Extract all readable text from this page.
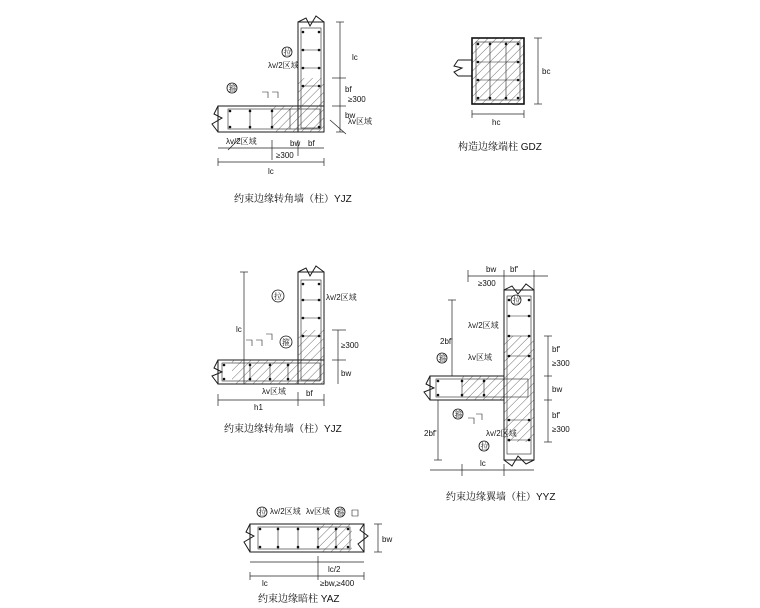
拉
箍
λv/2区域
λv/2区域
λv区域
lc
bf
bw
≥300
bw bf
≥300
lc
约束边缘转角墙（柱）YJZ
hc
bc
构造边缘端柱 GDZ
拉
箍
λv/2区域
λv区域
lc
≥300
bw
h1
bf
约束边缘转角墙（柱）YJZ
拉
箍
箍
拉
λv/2区域
λv区域
λv/2区域
bw bf'
≥300
bf'
≥300
bw
bf'
≥300
2bf'
2bf'
lc
约束边缘翼墙（柱）YYZ
拉	箍
λv/2区域 λv区域
bw
lc/2
lc	≥bw,≥400
约束边缘暗柱 YAZ
